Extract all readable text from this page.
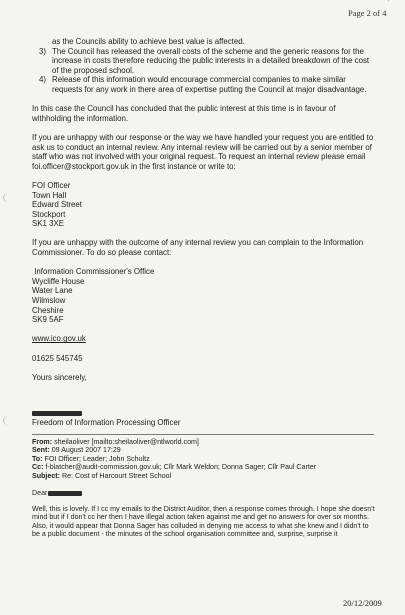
'
Page 2 of 4

as the Councils ability to achieve best value is affected.

3) The Council has released the overall costs of the scheme and the generic reasons for the increase in costs therefore reducing the public interests in a detailed breakdown of the cost of the proposed school.
4) Release of this information would encourage commercial companies to make similar requests for any work in there area of expertise putting the Council at major disadvantage.

In this case the Council has concluded that the public interest at this time is in favour of withholding the information.

If you are unhappy with our response or the way we have handled your request you are entitled to ask us to conduct an internal review. Any internal review will be carried out by a senior member of staff who was not involved with your original request. To request an internal review please email foi.officer@stockport.gov.uk in the first instance or write to:

FOI Officer
Town Hall
Edward Street
Stockport
SK1 3XE

If you are unhappy with the outcome of any internal review you can complain to the Information Commissioner. To do so please contact:

Information Commissioner's Office
Wycliffe House
Water Lane
Wilmslow
Cheshire
SK9 5AF
www.ico.gov.uk
01625 545745
Yours sincerely,
Freedom of Information Processing Officer
From: sheilaoliver [mailto:sheilaoliver@ntlworld.com]
Sent: 09 August 2007 17:29
To: FOI Officer; Leader; John Schultz
Cc: f-blatcher@audit-commission.gov.uk; Cllr Mark Weldon; Donna Sager; Cllr Paul Carter
Subject: Re: Cost of Harcourt Street School
Dear

Well, this is lovely. If I cc my emails to the District Auditor, then a response comes through. I hope she doesn't mind but if I don't cc her then I have illegal action taken against me and get no answers for over six months. Also, it would appear that Donna Sager has colluded in denying me access to what she knew and I didn't to be a public document - the minutes of the school organisation committee and, surprise, surprise it

20/12/2009
